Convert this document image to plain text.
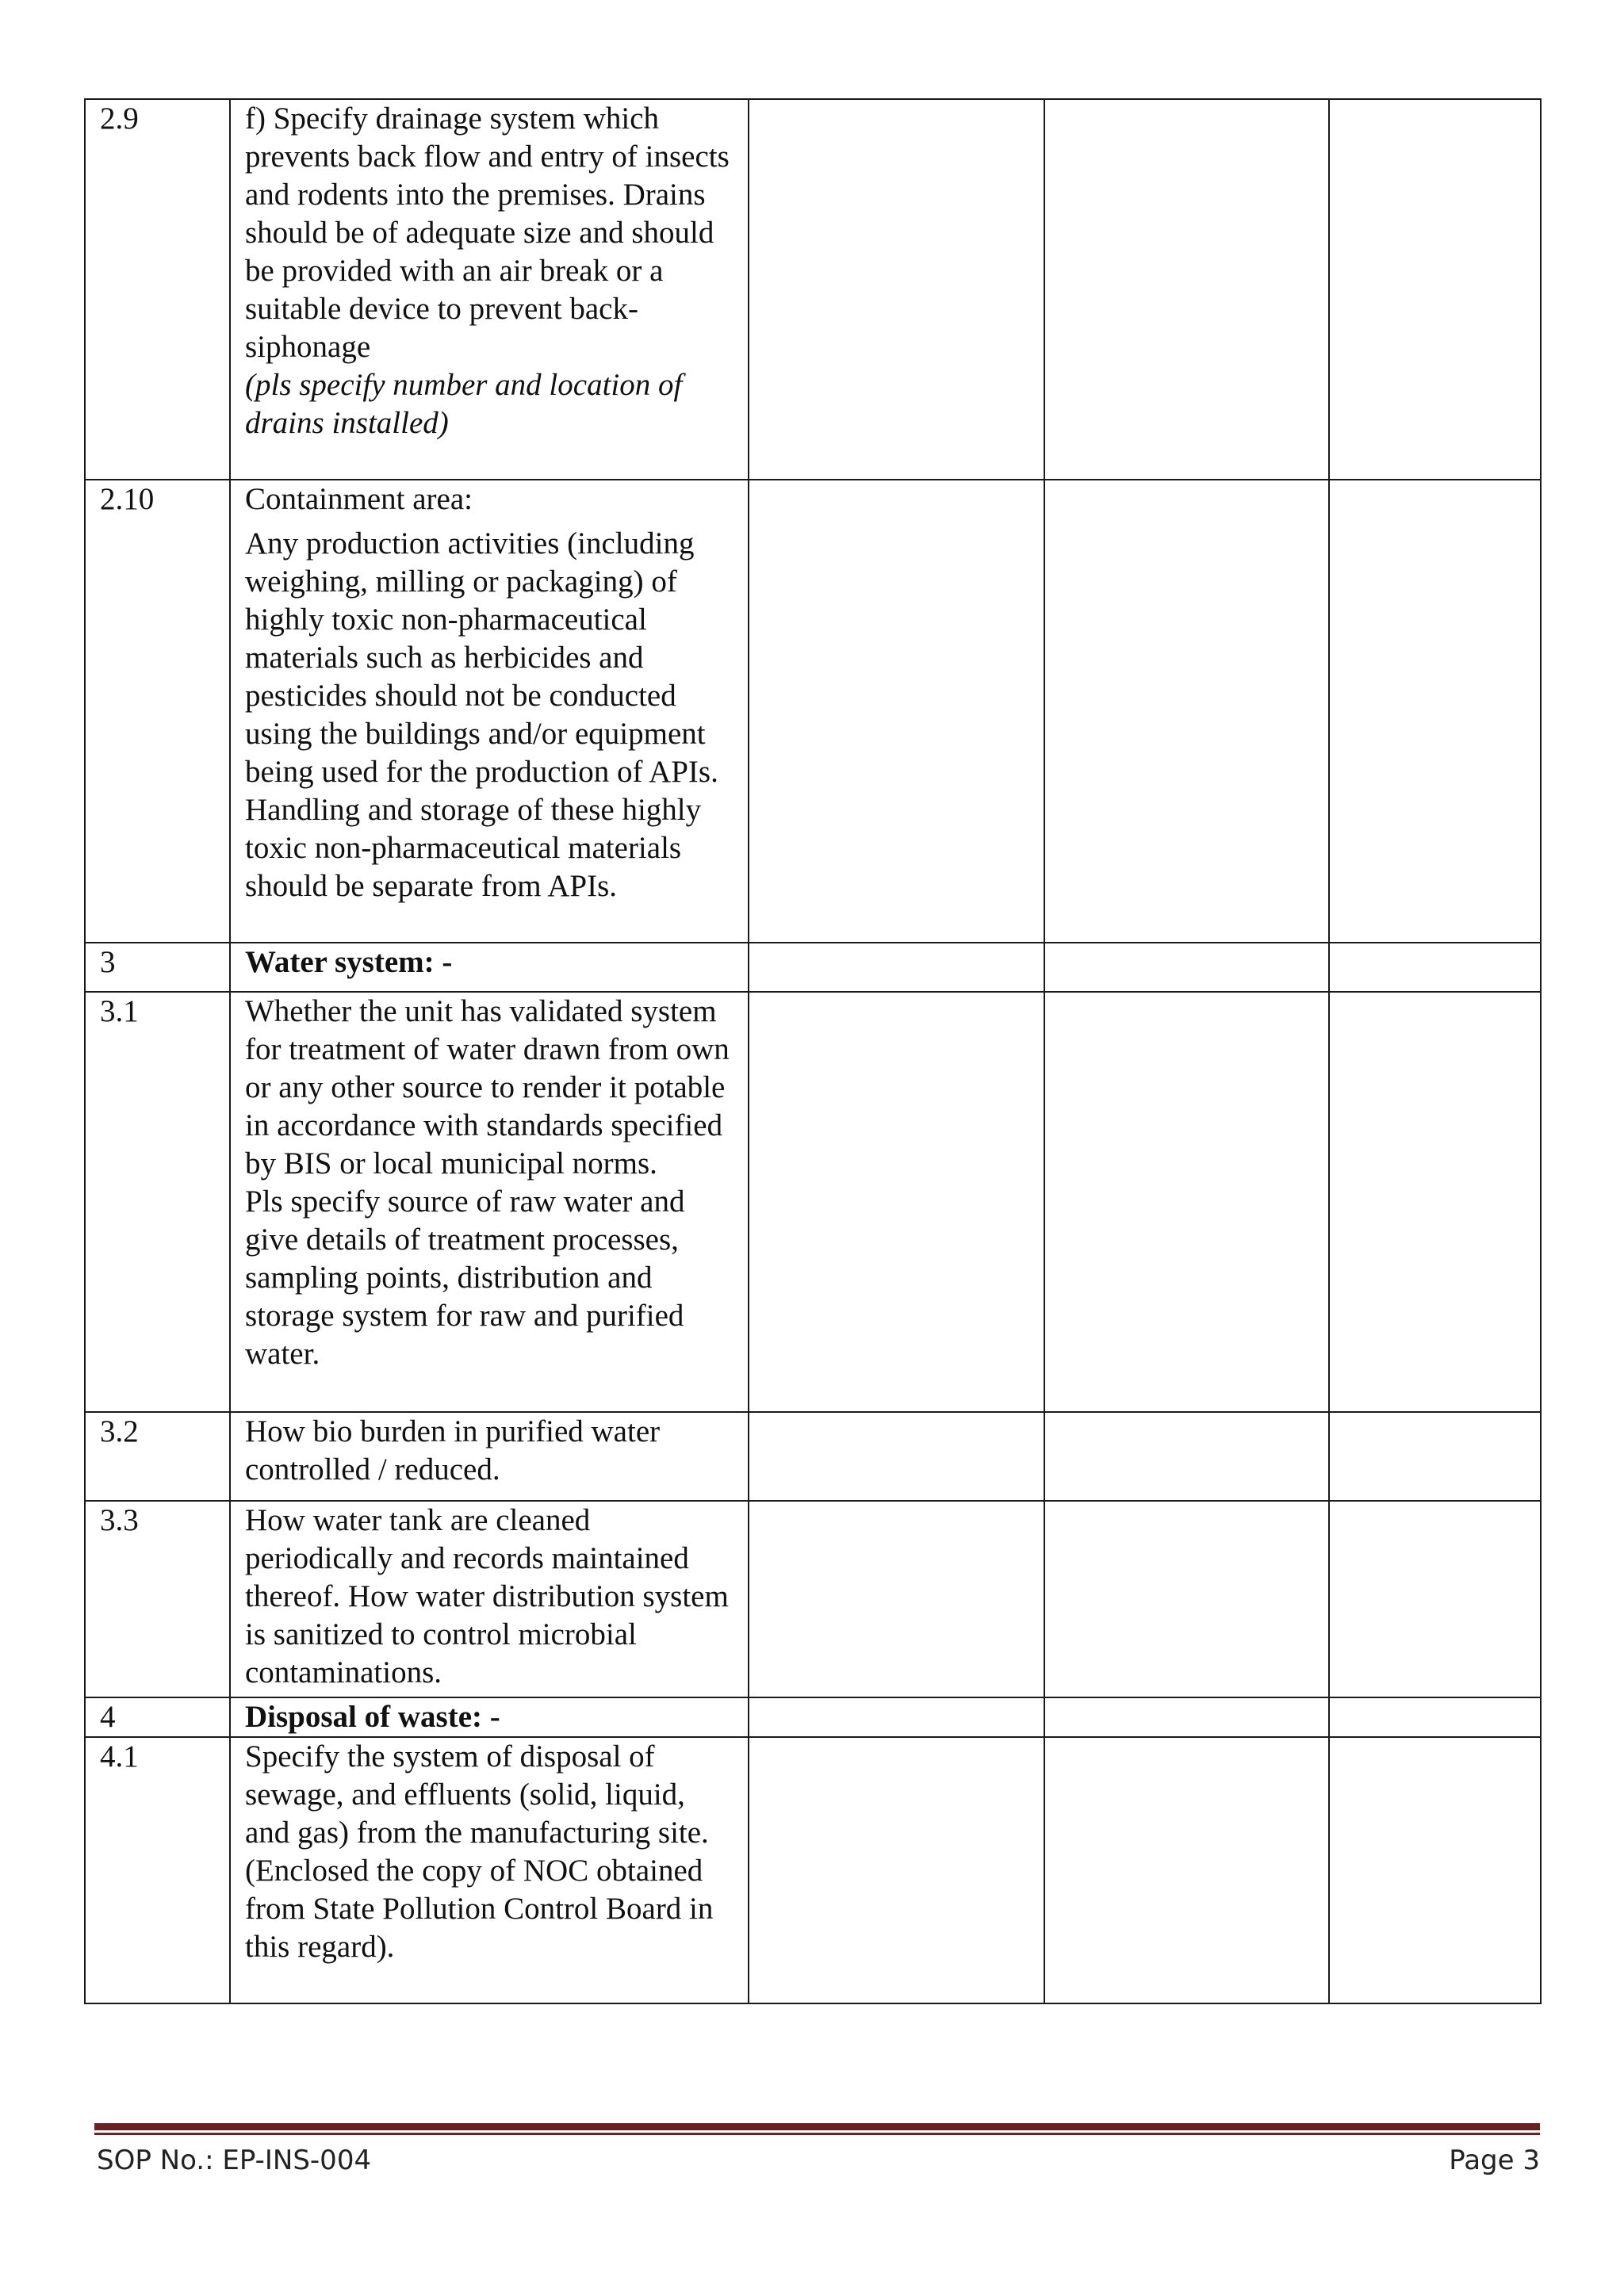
2.9	f) Specify drainage system which prevents back flow and entry of insects and rodents into the premises. Drains should be of adequate size and should be provided with an air break or a suitable device to prevent back-siphonage
(pls specify number and location of drains installed)			

2.10	Containment area:
Any production activities (including weighing, milling or packaging) of highly toxic non-pharmaceutical materials such as herbicides and pesticides should not be conducted using the buildings and/or equipment being used for the production of APIs. Handling and storage of these highly toxic non-pharmaceutical materials should be separate from APIs.			

3	Water system: -			
3.1	Whether the unit has validated system for treatment of water drawn from own or any other source to render it potable in accordance with standards specified by BIS or local municipal norms.
Pls specify source of raw water and give details of treatment processes, sampling points, distribution and storage system for raw and purified water.			

3.2	How bio burden in purified water controlled / reduced.			

3.3	How water tank are cleaned periodically and records maintained thereof. How water distribution system is sanitized to control microbial contaminations.			

4	Disposal of waste: -			
4.1	Specify the system of disposal of sewage, and effluents (solid, liquid, and gas) from the manufacturing site.
(Enclosed the copy of NOC obtained from State Pollution Control Board in this regard).			

SOP No.: EP-INS-004	Page 3
